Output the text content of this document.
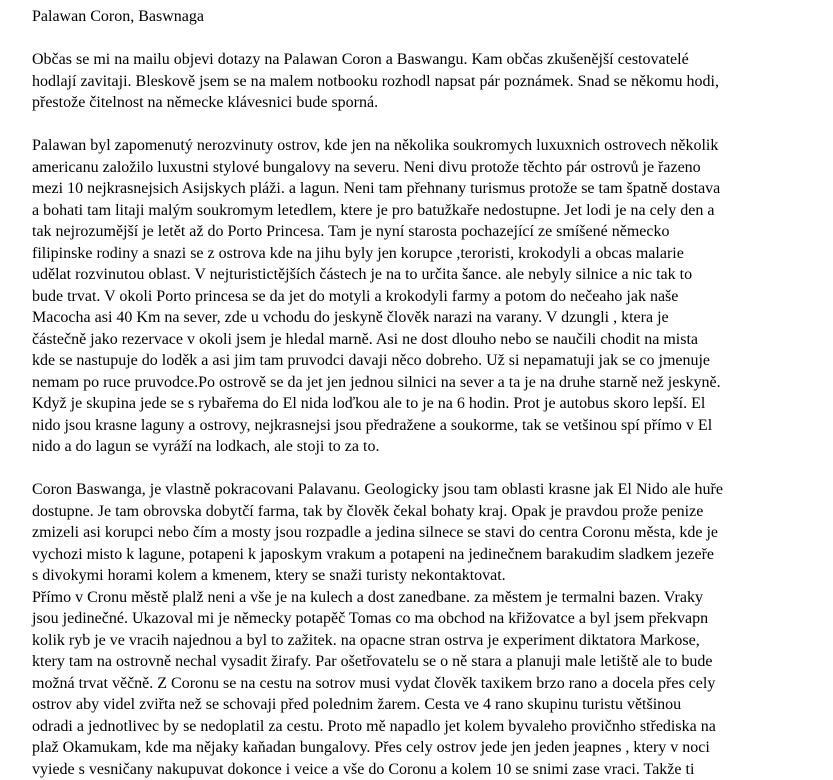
Palawan Coron, Baswnaga
Občas se mi na mailu objevi dotazy na Palawan Coron a Baswangu. Kam občas zkušenější cestovatelé
hodlají zavitaji. Bleskově jsem se na malem notbooku rozhodl napsat pár poznámek. Snad se někomu hodi,
přestože čitelnost na německe klávesnici bude sporná.
Palawan byl zapomenutý nerozvinuty ostrov, kde jen na několika soukromych luxuxnich ostrovech několik
americanu založilo luxustni stylové bungalovy na severu. Neni divu protože těchto pár ostrovů je řazeno
mezi 10 nejkrasnejsich Asijskych pláži. a lagun. Neni tam přehnany turismus protože se tam špatně dostava
a bohati tam litaji malým soukromym letedlem, ktere je pro batužkaře nedostupne. Jet lodi je na cely den a
tak nejrozumější je letět až do Porto Princesa. Tam je nyní starosta pochazející ze smíšené německo
filipinske rodiny a snazi se z ostrova kde na jihu byly jen korupce ,teroristi, krokodyli a obcas malarie
udělat rozvinutou oblast. V nejturistictějších částech je na to určita šance. ale nebyly silnice a nic tak to
bude trvat. V okoli Porto princesa se da jet do motyli a krokodyli farmy a potom do nečeaho jak naše
Macocha asi 40 Km na sever, zde u vchodu do jeskyně člověk narazi na varany. V dzungli , ktera je
částečně jako rezervace v okoli jsem je hledal marně. Asi ne dost dlouho nebo se naučili chodit na mista
kde se nastupuje do loděk a asi jim tam pruvodci davaji něco dobreho. Už si nepamatuji jak se co jmenuje
nemam po ruce pruvodce.Po ostrově se da jet jen jednou silnici na sever a ta je na druhe starně než jeskyně.
Když je skupina jede se s rybařema do El nida loďkou ale to je na 6 hodin. Prot je autobus skoro lepší. El
nido jsou krasne laguny a ostrovy, nejkrasnejsi jsou předražene a soukorme, tak se vetšinou spí přímo v El
nido a do lagun se vyráží na lodkach, ale stoji to za to.
Coron Baswanga, je vlastně pokracovani Palavanu. Geologicky jsou tam oblasti krasne jak El Nido ale huře
dostupne. Je tam obrovska dobytčí farma, tak by člověk čekal bohaty kraj. Opak je pravdou prože penize
zmizeli asi korupci nebo čím a mosty jsou rozpadle a jedina silnece se stavi do centra Coronu města, kde je
vychozi misto k lagune, potapeni k japoskym vrakum a potapeni na jedinečnem barakudim sladkem jezeře
s divokymi horami kolem a kmenem, ktery se snaži turisty nekontaktovat.
Přímo v Cronu městě plalž neni a vše je na kulech a dost zanedbane. za městem je termalni bazen. Vraky
jsou jedinečné. Ukazoval mi je německy potapěč Tomas co ma obchod na křižovatce a byl jsem překvapn
kolik ryb je ve vracih najednou a byl to zažitek. na opacne stran ostrva je experiment diktatora Markose,
ktery tam na ostrovně nechal vysadit žirafy. Par ošetřovatelu se o ně stara a planuji male letiště ale to bude
možná trvat věčně. Z Coronu se na cestu na sotrov musi vydat člověk taxikem brzo rano a docela přes cely
ostrov aby videl zviřta než se schovaji před polednim žarem. Cesta ve 4 rano skupinu turistu většinou
odradi a jednotlivec by se nedoplatil za cestu. Proto mě napadlo jet kolem byvaleho provičnho střediska na
plaž Okamukam, kde ma nějaky kaňadan bungalovy. Přes cely ostrov jede jen jeden jeapnes , ktery v noci
vyiede s vesničany nakupuvat dokonce i veice a vše do Coronu a kolem 10 se snimi zase vraci. Takže ti
